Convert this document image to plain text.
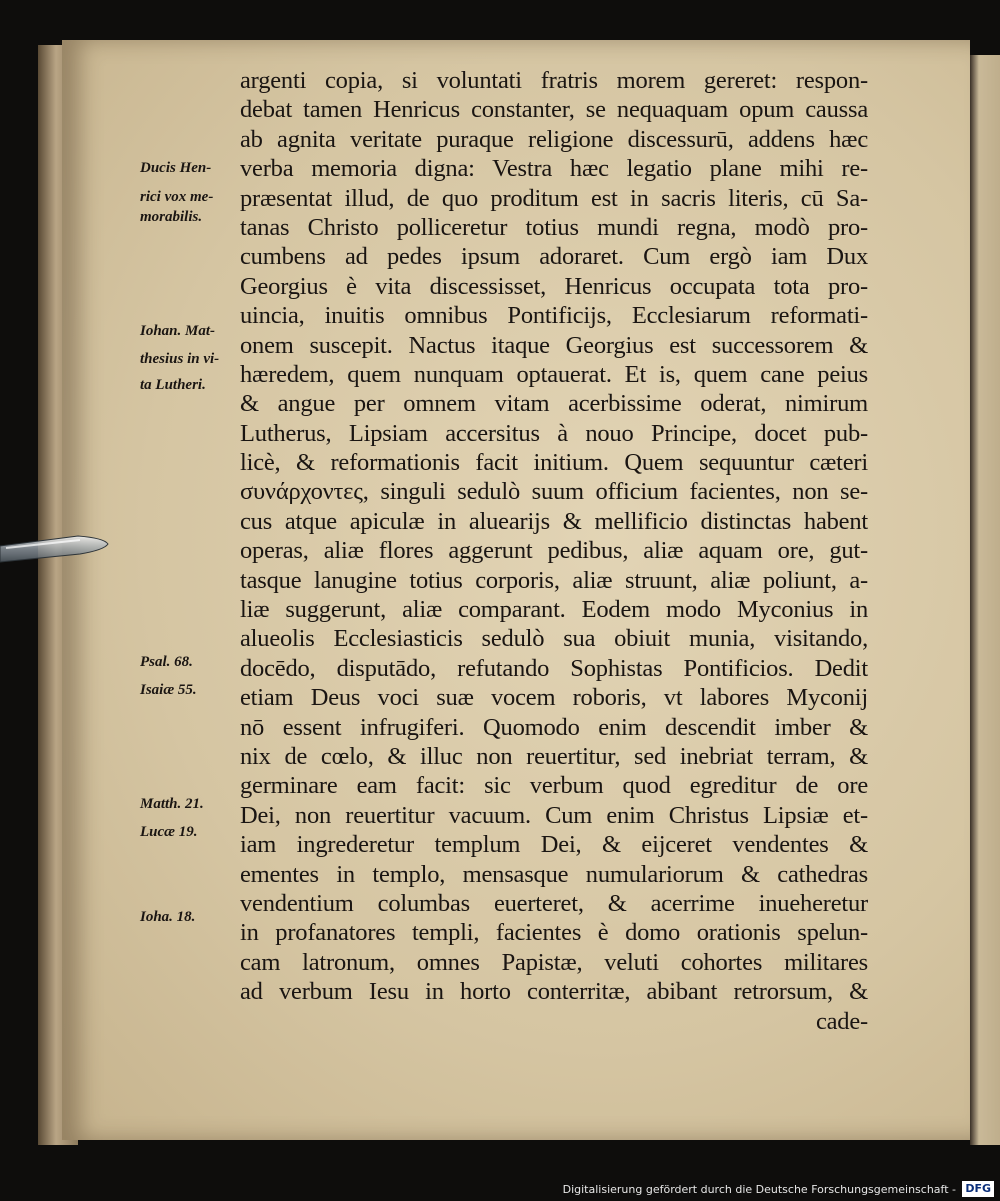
argenti copia, si voluntati fratris morem gereret: respon-
debat tamen Henricus constanter, se nequaquam opum caussa
ab agnita veritate puraque religione discessurū, addens hæc
verba memoria digna: Vestra hæc legatio plane mihi re-
præsentat illud, de quo proditum est in sacris literis, cū Sa-
tanas Christo polliceretur totius mundi regna, modò pro-
cumbens ad pedes ipsum adoraret. Cum ergò iam Dux
Georgius è vita discessisset, Henricus occupata tota pro-
uincia, inuitis omnibus Pontificijs, Ecclesiarum reformati-
onem suscepit. Nactus itaque Georgius est successorem &
hæredem, quem nunquam optauerat. Et is, quem cane peius
& angue per omnem vitam acerbissime oderat, nimirum
Lutherus, Lipsiam accersitus à nouo Principe, docet pub-
licè, & reformationis facit initium. Quem sequuntur cæteri
συνάρχοντες, singuli sedulò suum officium facientes, non se-
cus atque apiculæ in aluearijs & mellificio distinctas habent
operas, aliæ flores aggerunt pedibus, aliæ aquam ore, gut-
tasque lanugine totius corporis, aliæ struunt, aliæ poliunt, a-
liæ suggerunt, aliæ comparant. Eodem modo Myconius in
alueolis Ecclesiasticis sedulò sua obiuit munia, visitando,
docēdo, disputādo, refutando Sophistas Pontificios. Dedit
etiam Deus voci suæ vocem roboris, vt labores Myconij
nō essent infrugiferi. Quomodo enim descendit imber &
nix de cœlo, & illuc non reuertitur, sed inebriat terram, &
germinare eam facit: sic verbum quod egreditur de ore
Dei, non reuertitur vacuum. Cum enim Christus Lipsiæ et-
iam ingrederetur templum Dei, & eijceret vendentes &
ementes in templo, mensasque numulariorum & cathedras
vendentium columbas euerteret, & acerrime inueheretur
in profanatores templi, facientes è domo orationis spelun-
cam latronum, omnes Papistæ, veluti cohortes militares
ad verbum Iesu in horto conterritæ, abibant retrorsum, &
cade-
Ducis Hen-
rici vox me-
morabilis.
Iohan. Mat-
thesius in vi-
ta Lutheri.
Psal. 68.
Isaiæ 55.
Matth. 21.
Lucæ 19.
Ioha. 18.
Digitalisierung gefördert durch die Deutsche Forschungsgemeinschaft - DFG
